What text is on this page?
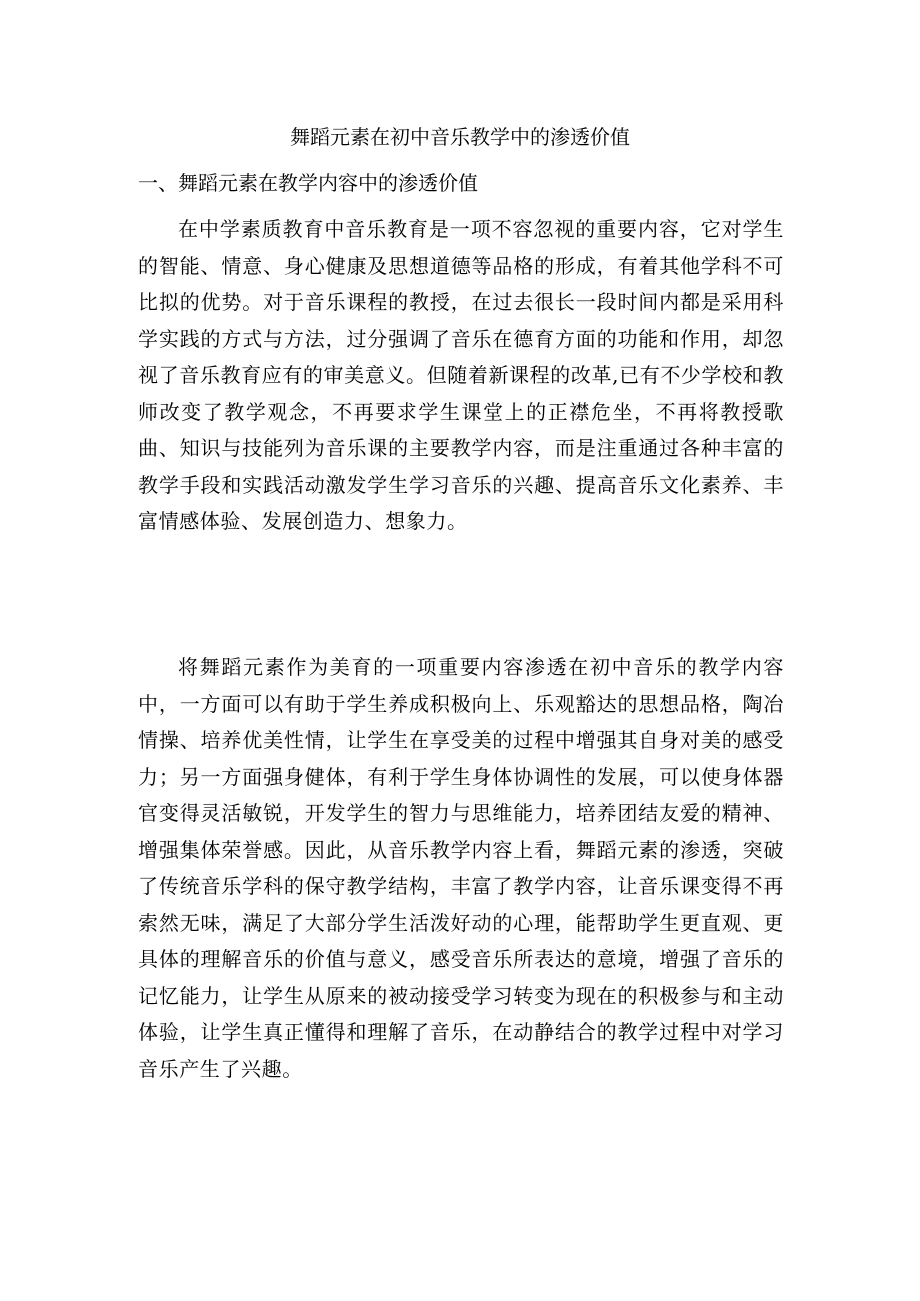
舞蹈元素在初中音乐教学中的渗透价值
一、舞蹈元素在教学内容中的渗透价值

在中学素质教育中音乐教育是一项不容忽视的重要内容，它对学生的智能、情意、身心健康及思想道德等品格的形成，有着其他学科不可比拟的优势。对于音乐课程的教授，在过去很长一段时间内都是采用科学实践的方式与方法，过分强调了音乐在德育方面的功能和作用，却忽视了音乐教育应有的审美意义。但随着新课程的改革,已有不少学校和教师改变了教学观念，不再要求学生课堂上的正襟危坐，不再将教授歌曲、知识与技能列为音乐课的主要教学内容，而是注重通过各种丰富的教学手段和实践活动激发学生学习音乐的兴趣、提高音乐文化素养、丰富情感体验、发展创造力、想象力。

将舞蹈元素作为美育的一项重要内容渗透在初中音乐的教学内容中，一方面可以有助于学生养成积极向上、乐观豁达的思想品格，陶冶情操、培养优美性情，让学生在享受美的过程中增强其自身对美的感受力；另一方面强身健体，有利于学生身体协调性的发展，可以使身体器官变得灵活敏锐，开发学生的智力与思维能力，培养团结友爱的精神、增强集体荣誉感。因此，从音乐教学内容上看，舞蹈元素的渗透，突破了传统音乐学科的保守教学结构，丰富了教学内容，让音乐课变得不再索然无味，满足了大部分学生活泼好动的心理，能帮助学生更直观、更具体的理解音乐的价值与意义，感受音乐所表达的意境，增强了音乐的记忆能力，让学生从原来的被动接受学习转变为现在的积极参与和主动体验，让学生真正懂得和理解了音乐，在动静结合的教学过程中对学习音乐产生了兴趣。
